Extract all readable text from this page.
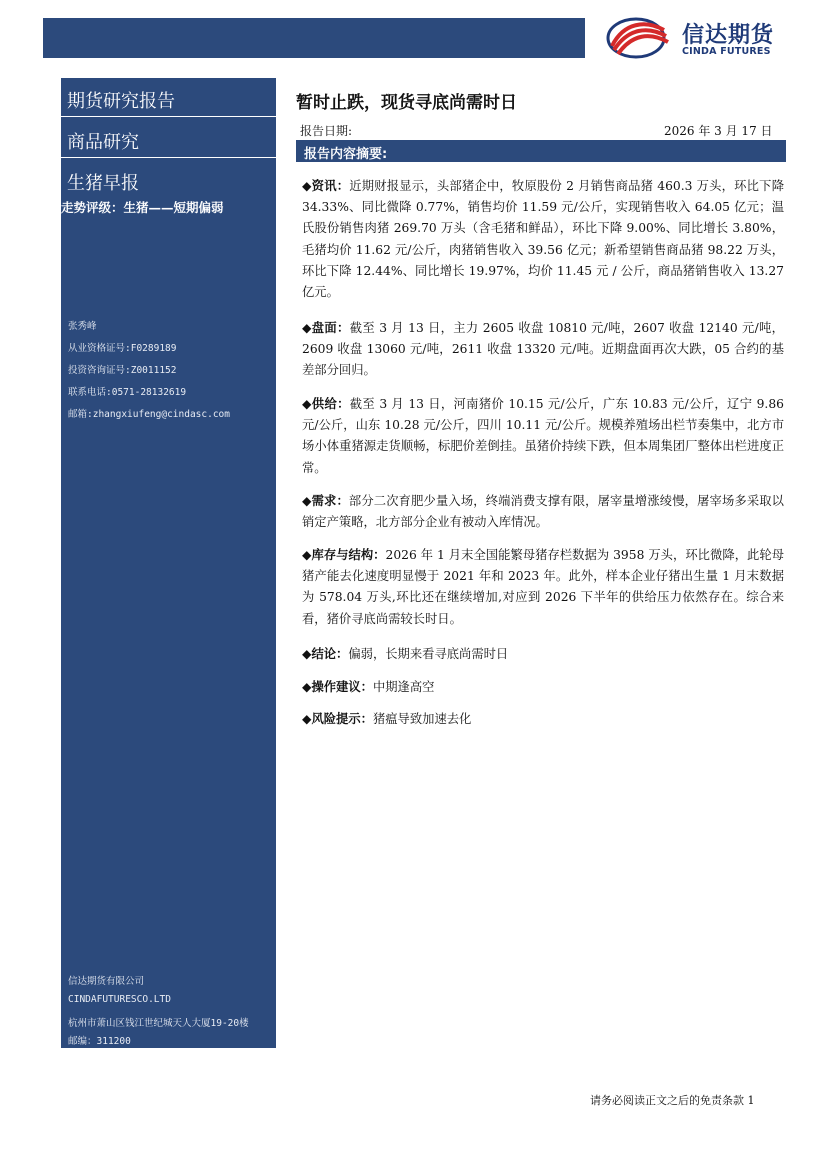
信达期货
CINDA FUTURES
期货研究报告
商品研究
生猪早报
走势评级：生猪——短期偏弱
张秀峰
从业资格证号:F0289189
投资咨询证号:Z0011152
联系电话:0571-28132619
邮箱:zhangxiufeng@cindasc.com
信达期货有限公司
CINDAFUTURESCO.LTD
杭州市萧山区钱江世纪城天人大厦19-20楼
邮编：311200
暂时止跌，现货寻底尚需时日
报告日期:	2026 年 3 月 17 日
报告内容摘要:
◆资讯：近期财报显示，头部猪企中，牧原股份 2 月销售商品猪 460.3 万头，环比下降 34.33%、同比微降 0.77%，销售均价 11.59 元/公斤，实现销售收入 64.05 亿元；温氏股份销售肉猪 269.70 万头（含毛猪和鲜品），环比下降 9.00%、同比增长 3.80%，毛猪均价 11.62 元/公斤，肉猪销售收入 39.56 亿元；新希望销售商品猪 98.22 万头，环比下降 12.44%、同比增长 19.97%，均价 11.45 元 / 公斤，商品猪销售收入 13.27 亿元。
◆盘面：截至 3 月 13 日，主力 2605 收盘 10810 元/吨，2607 收盘 12140 元/吨，2609 收盘 13060 元/吨，2611 收盘 13320 元/吨。近期盘面再次大跌，05 合约的基差部分回归。
◆供给：截至 3 月 13 日，河南猪价 10.15 元/公斤，广东 10.83 元/公斤，辽宁 9.86 元/公斤，山东 10.28 元/公斤，四川 10.11 元/公斤。规模养殖场出栏节奏集中，北方市场小体重猪源走货顺畅，标肥价差倒挂。虽猪价持续下跌，但本周集团厂整体出栏进度正常。
◆需求：部分二次育肥少量入场，终端消费支撑有限，屠宰量增涨绫慢，屠宰场多采取以销定产策略，北方部分企业有被动入库情况。
◆库存与结构：2026 年 1 月末全国能繁母猪存栏数据为 3958 万头，环比微降，此轮母猪产能去化速度明显慢于 2021 年和 2023 年。此外，样本企业仔猪出生量 1 月末数据为 578.04 万头,环比还在继续增加,对应到 2026 下半年的供给压力依然存在。综合来看，猪价寻底尚需较长时日。
◆结论：偏弱，长期来看寻底尚需时日
◆操作建议：中期逢高空
◆风险提示：猪瘟导致加速去化
请务必阅读正文之后的免责条款 1
